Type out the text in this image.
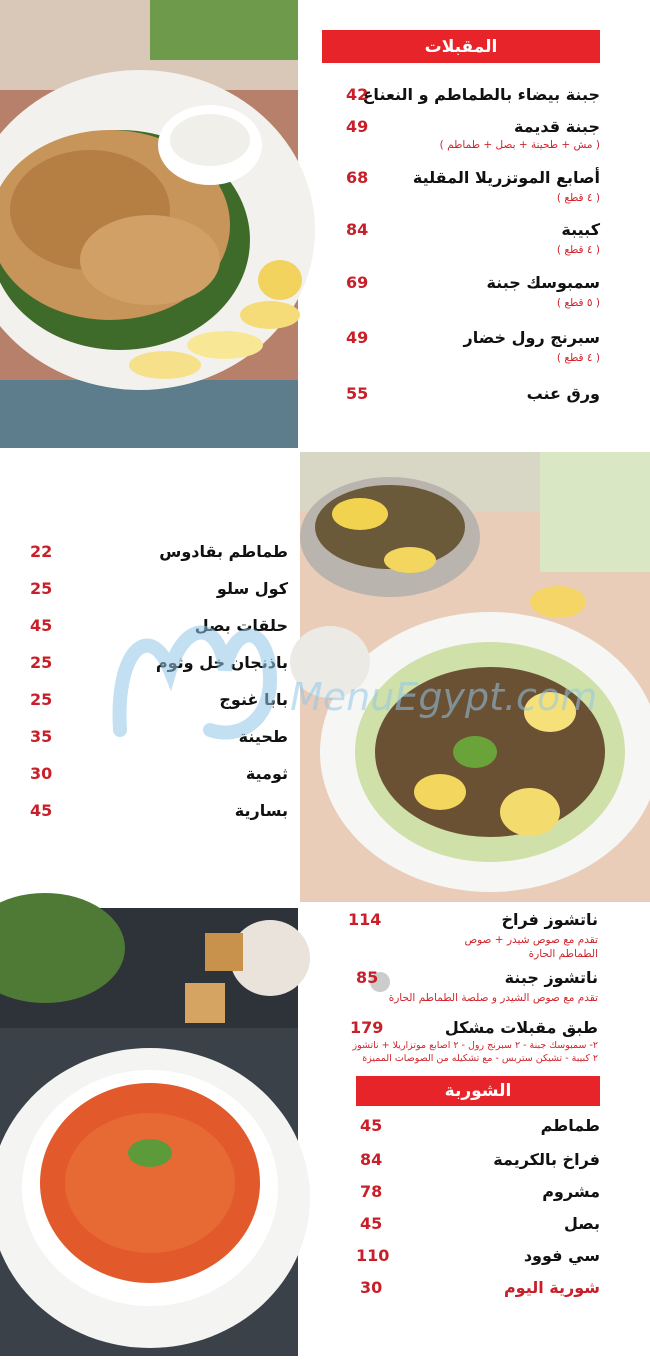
المقبلات
جبنة بيضاء بالطماطم و النعناع
42
جبنة قديمة
49
( مش + طحينة + بصل + طماطم )
أصابع الموتزريلا المقلية
68
( ٤ قطع )
كبيبة
84
( ٤ قطع )
سمبوسك جبنة
69
( ٥ قطع )
سبرنج رول خضار
49
( ٤ قطع )
ورق عنب
55
طماطم بقادوس
22
كول سلو
25
حلقات بصل
45
باذنجان خل وثوم
25
بابا غنوج
25
طحينة
35
ثومية
30
بسارية
45
MenuEgypt.com
ناتشوز فراخ
114
تقدم مع صوص شيدر + صوص
الطماطم الحارة
ناتشوز جبنة
85
تقدم مع صوص الشيدر و صلصة الطماطم الحارة
طبق مقبلات مشكل
179
٢- سمبوسك جبنة - ٢ سبرنج رول - ٢ اصابع موتزاريلا + ناتشوز
٢ كبيبة - تشيكن ستربس - مع تشكيله من الصوصات المميزة
الشوربة
طماطم
45
فراخ بالكريمة
84
مشروم
78
بصل
45
سي فوود
110
شورية اليوم
30
